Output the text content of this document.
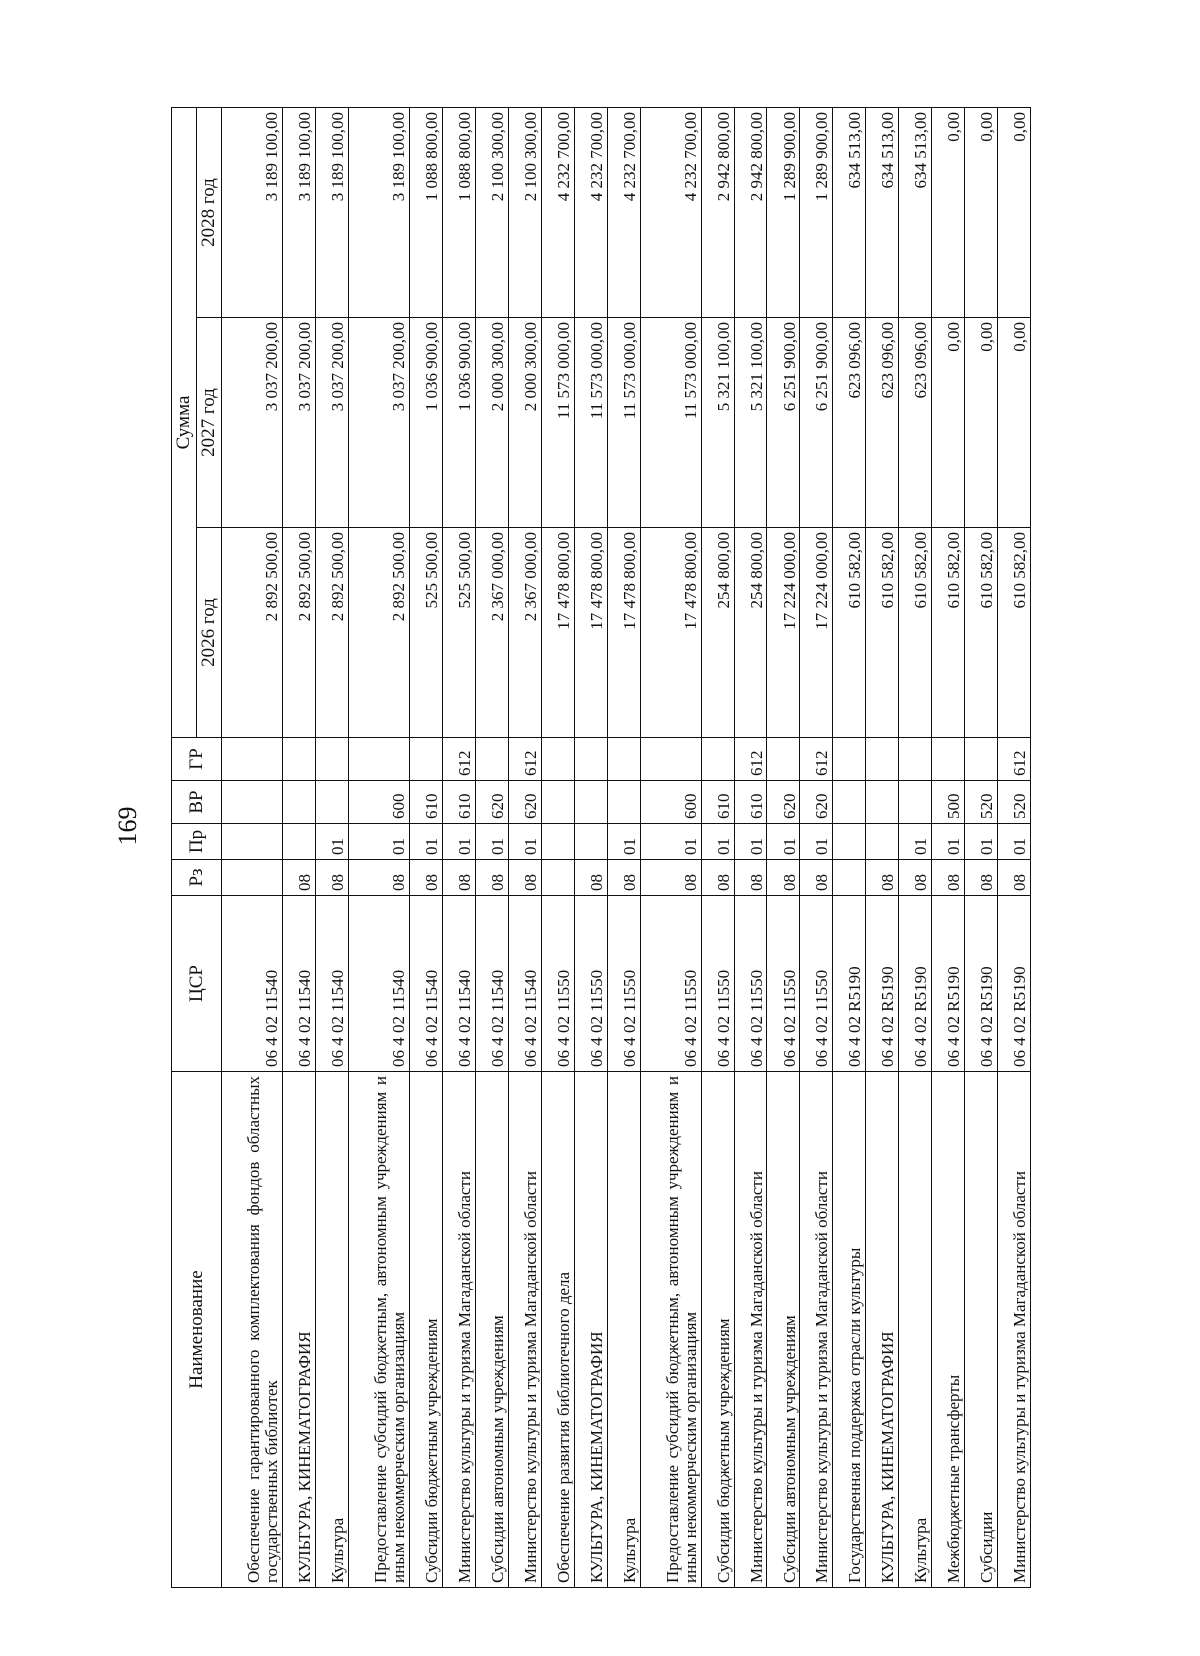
169
Наименование	ЦСР	Рз	Пр	ВР	ГР	Сумма		
						2026 год	2027 год	2028 год
Обеспечение гарантированного комплектования фондов областных государственных библиотек	06 4 02 11540					2 892 500,00	3 037 200,00	3 189 100,00
КУЛЬТУРА, КИНЕМАТОГРАФИЯ	06 4 02 11540	08				2 892 500,00	3 037 200,00	3 189 100,00
Культура	06 4 02 11540	08	01			2 892 500,00	3 037 200,00	3 189 100,00
Предоставление субсидий бюджетным, автономным учреждениям и иным некоммерческим организациям	06 4 02 11540	08	01	600		2 892 500,00	3 037 200,00	3 189 100,00
Субсидии бюджетным учреждениям	06 4 02 11540	08	01	610		525 500,00	1 036 900,00	1 088 800,00
Министерство культуры и туризма Магаданской области	06 4 02 11540	08	01	610	612	525 500,00	1 036 900,00	1 088 800,00
Субсидии автономным учреждениям	06 4 02 11540	08	01	620		2 367 000,00	2 000 300,00	2 100 300,00
Министерство культуры и туризма Магаданской области	06 4 02 11540	08	01	620	612	2 367 000,00	2 000 300,00	2 100 300,00
Обеспечение развития библиотечного дела	06 4 02 11550					17 478 800,00	11 573 000,00	4 232 700,00
КУЛЬТУРА, КИНЕМАТОГРАФИЯ	06 4 02 11550	08				17 478 800,00	11 573 000,00	4 232 700,00
Культура	06 4 02 11550	08	01			17 478 800,00	11 573 000,00	4 232 700,00
Предоставление субсидий бюджетным, автономным учреждениям и иным некоммерческим организациям	06 4 02 11550	08	01	600		17 478 800,00	11 573 000,00	4 232 700,00
Субсидии бюджетным учреждениям	06 4 02 11550	08	01	610		254 800,00	5 321 100,00	2 942 800,00
Министерство культуры и туризма Магаданской области	06 4 02 11550	08	01	610	612	254 800,00	5 321 100,00	2 942 800,00
Субсидии автономным учреждениям	06 4 02 11550	08	01	620		17 224 000,00	6 251 900,00	1 289 900,00
Министерство культуры и туризма Магаданской области	06 4 02 11550	08	01	620	612	17 224 000,00	6 251 900,00	1 289 900,00
Государственная поддержка отрасли культуры	06 4 02 R5190					610 582,00	623 096,00	634 513,00
КУЛЬТУРА, КИНЕМАТОГРАФИЯ	06 4 02 R5190	08				610 582,00	623 096,00	634 513,00
Культура	06 4 02 R5190	08	01			610 582,00	623 096,00	634 513,00
Межбюджетные трансферты	06 4 02 R5190	08	01	500		610 582,00	0,00	0,00
Субсидии	06 4 02 R5190	08	01	520		610 582,00	0,00	0,00
Министерство культуры и туризма Магаданской области	06 4 02 R5190	08	01	520	612	610 582,00	0,00	0,00
